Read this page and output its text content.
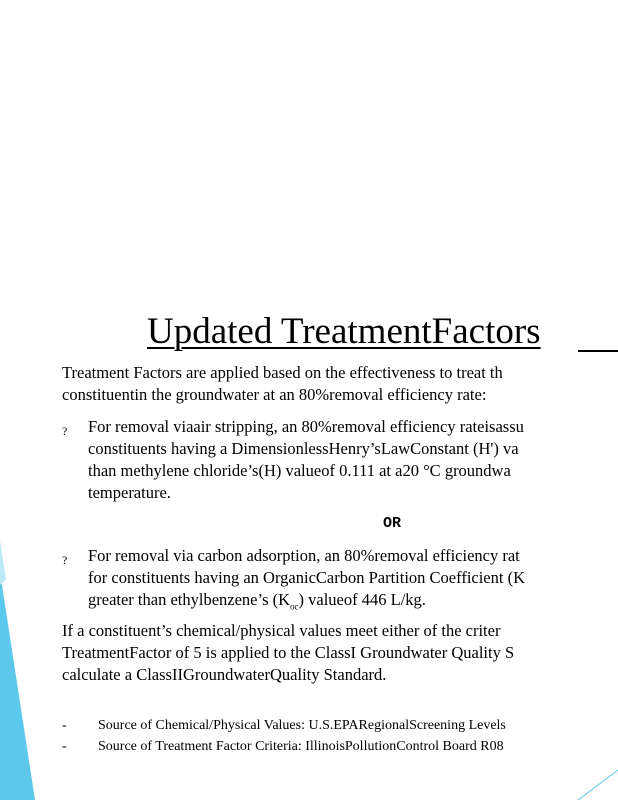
Updated TreatmentFactors
Treatment Factors are applied based on the effectiveness to treat th
constituentin the groundwater at an 80%removal efficiency rate:
? For removal viaair stripping, an 80%removal efficiency rateisassu
constituents having a DimensionlessHenry’sLawConstant (H') va
than methylene chloride’s(H) valueof 0.111 at a20 °C groundwa
temperature.
OR
? For removal via carbon adsorption, an 80%removal efficiency rat
for constituents having an OrganicCarbon Partition Coefficient (K
greater than ethylbenzene’s $(K_{oc})$ valueof 446 L/kg.
If a constituent’s chemical/physical values meet either of the criter
TreatmentFactor of 5 is applied to the ClassI Groundwater Quality S
calculate a ClassIIGroundwaterQuality Standard.
- Source of Chemical/Physical Values: U.S.EPARegionalScreening Levels
- Source of Treatment Factor Criteria: IllinoisPollutionControl Board R08
